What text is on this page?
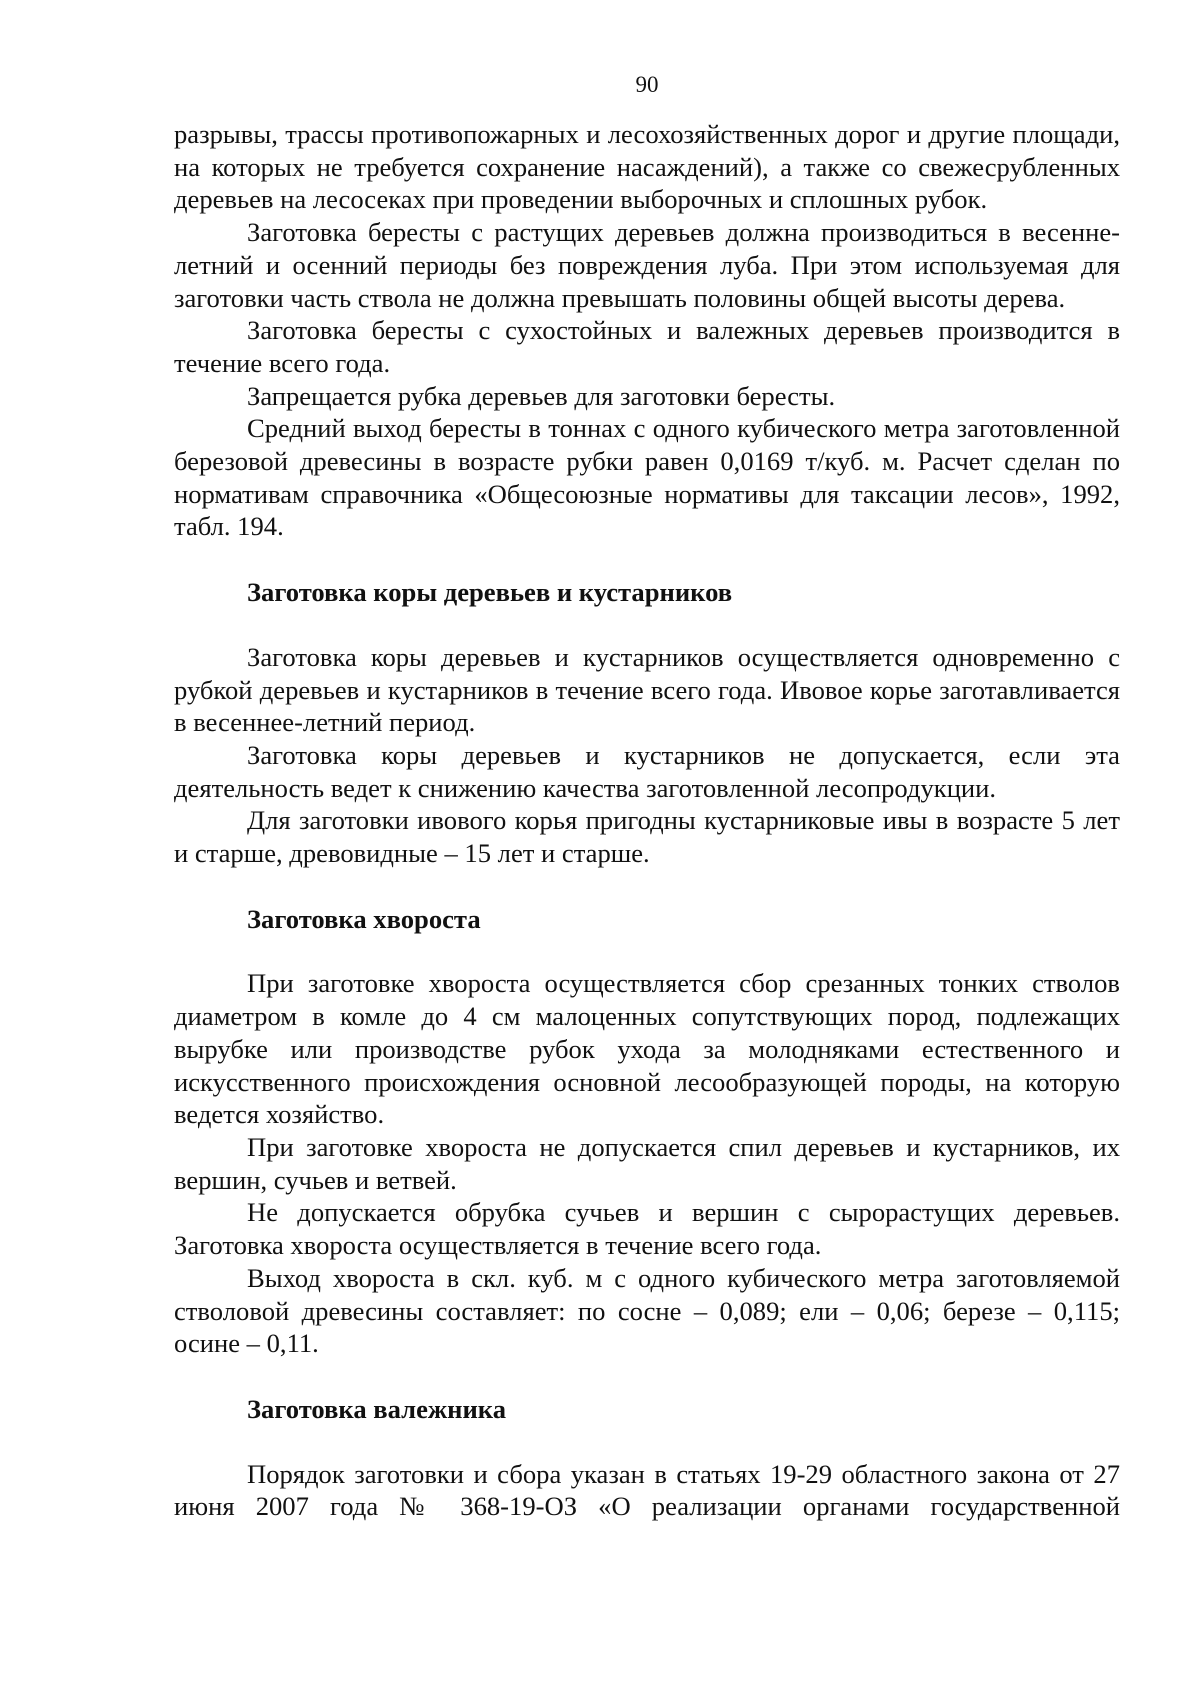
90

разрывы, трассы противопожарных и лесохозяйственных дорог и другие площади, на которых не требуется сохранение насаждений), а также со свежесрубленных деревьев на лесосеках при проведении выборочных и сплошных рубок.

Заготовка бересты с растущих деревьев должна производиться в весенне-летний и осенний периоды без повреждения луба. При этом используемая для заготовки часть ствола не должна превышать половины общей высоты дерева.

Заготовка бересты с сухостойных и валежных деревьев производится в течение всего года.

Запрещается рубка деревьев для заготовки бересты.

Средний выход бересты в тоннах с одного кубического метра заготовленной березовой древесины в возрасте рубки равен 0,0169 т/куб. м. Расчет сделан по нормативам справочника «Общесоюзные нормативы для таксации лесов», 1992, табл. 194.

Заготовка коры деревьев и кустарников

Заготовка коры деревьев и кустарников осуществляется одновременно с рубкой деревьев и кустарников в течение всего года. Ивовое корье заготавливается в весеннее-летний период.

Заготовка коры деревьев и кустарников не допускается, если эта деятельность ведет к снижению качества заготовленной лесопродукции.

Для заготовки ивового корья пригодны кустарниковые ивы в возрасте 5 лет и старше, древовидные – 15 лет и старше.

Заготовка хвороста

При заготовке хвороста осуществляется сбор срезанных тонких стволов диаметром в комле до 4 см малоценных сопутствующих пород, подлежащих вырубке или производстве рубок ухода за молодняками естественного и искусственного происхождения основной лесообразующей породы, на которую ведется хозяйство.

При заготовке хвороста не допускается спил деревьев и кустарников, их вершин, сучьев и ветвей.

Не допускается обрубка сучьев и вершин с сырорастущих деревьев. Заготовка хвороста осуществляется в течение всего года.

Выход хвороста в скл. куб. м с одного кубического метра заготовляемой стволовой древесины составляет: по сосне – 0,089; ели – 0,06; березе – 0,115; осине – 0,11.

Заготовка валежника

Порядок заготовки и сбора указан в статьях 19-29 областного закона от 27 июня 2007 года № 368-19-ОЗ «О реализации органами государственной
